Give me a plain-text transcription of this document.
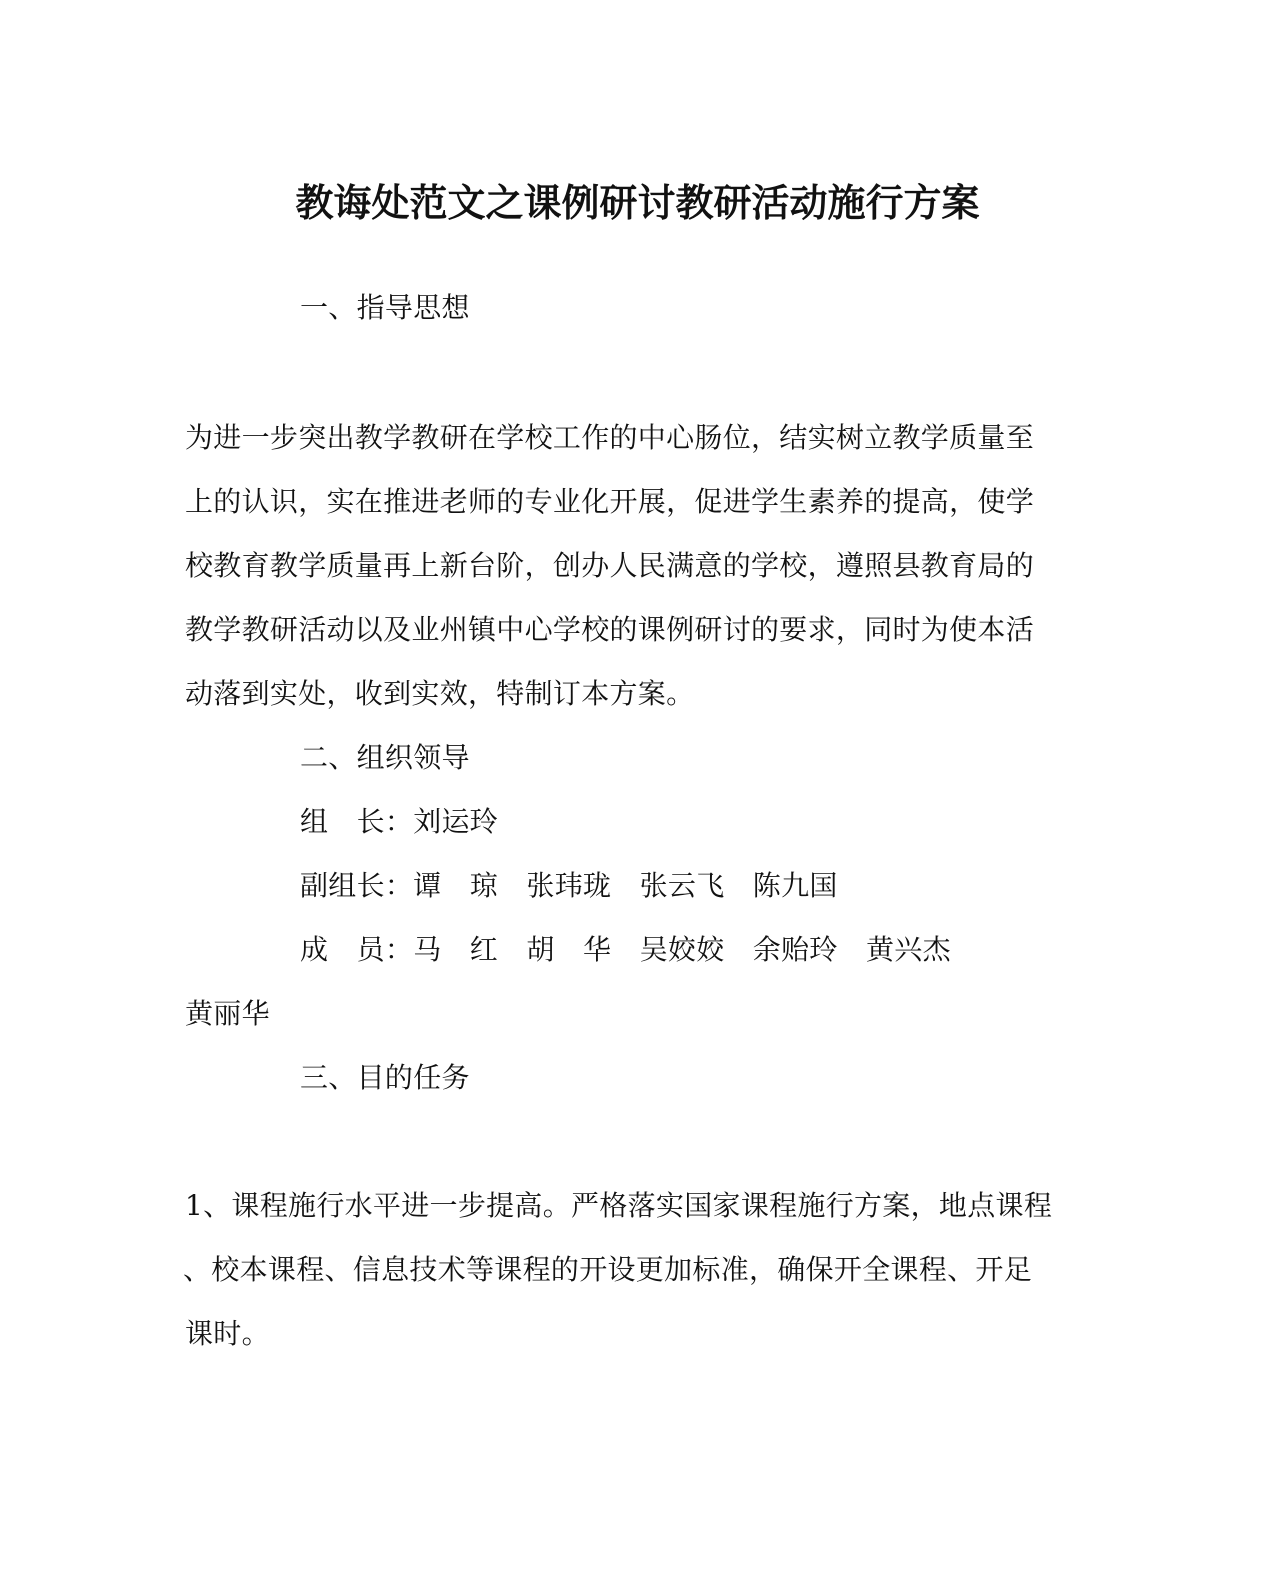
教诲处范文之课例研讨教研活动施行方案
一、指导思想
为进一步突出教学教研在学校工作的中心肠位，结实树立教学质量至
上的认识，实在推进老师的专业化开展，促进学生素养的提高，使学
校教育教学质量再上新台阶，创办人民满意的学校，遵照县教育局的
教学教研活动以及业州镇中心学校的课例研讨的要求，同时为使本活
动落到实处，收到实效，特制订本方案。
二、组织领导
组　长：刘运玲
副组长：谭　琼　张玮珑　张云飞　陈九国
成　员：马　红　胡　华　吴姣姣　余贻玲　黄兴杰
黄丽华
三、目的任务
1、课程施行水平进一步提高。严格落实国家课程施行方案，地点课程
、校本课程、信息技术等课程的开设更加标准，确保开全课程、开足
课时。
